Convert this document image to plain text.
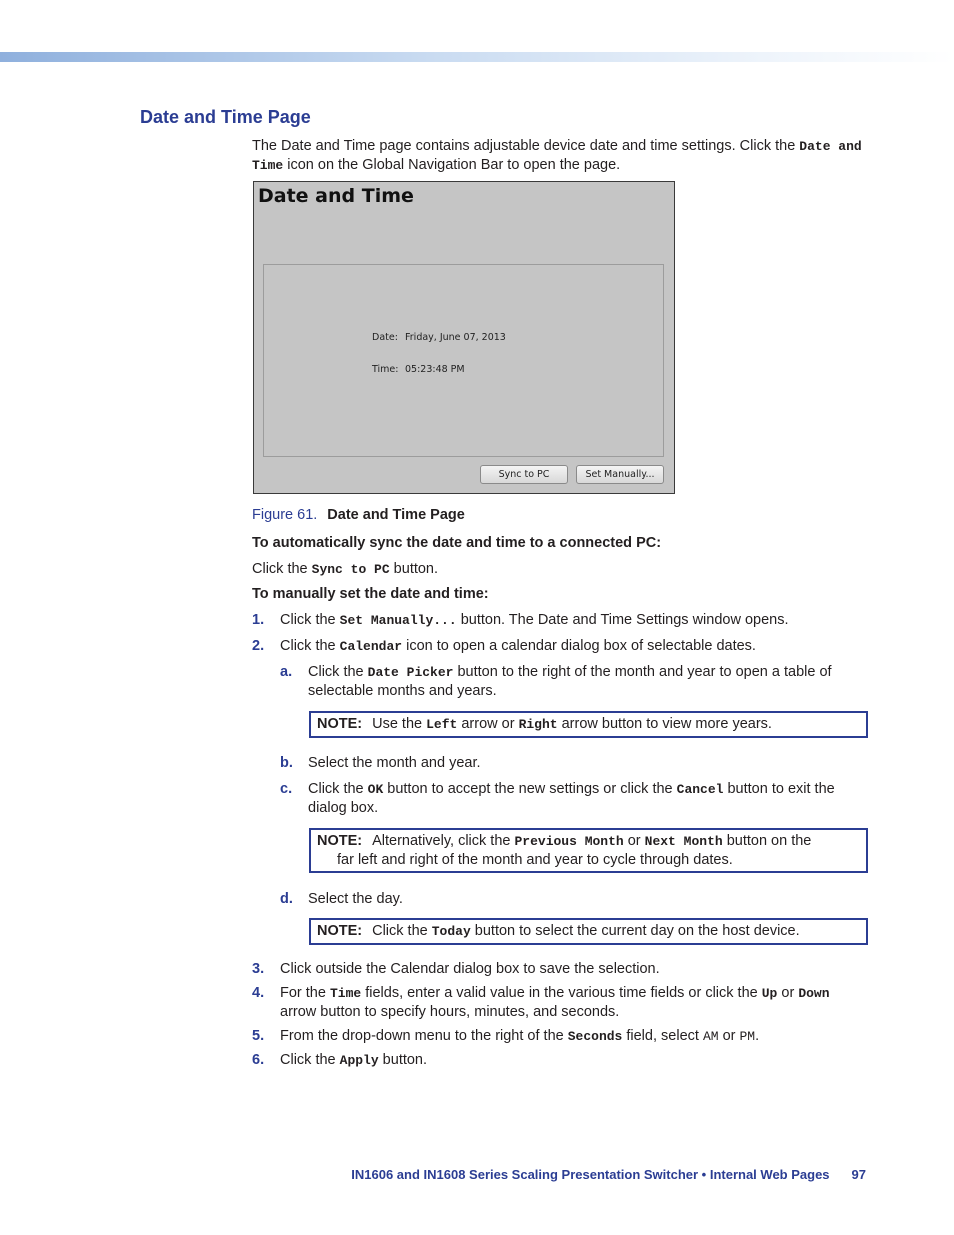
Date and Time Page
The Date and Time page contains adjustable device date and time settings. Click the Date and Time icon on the Global Navigation Bar to open the page.
Date and Time
Date: Friday, June 07, 2013
Time: 05:23:48 PM
Sync to PC	Set Manually...
Figure 61. Date and Time Page
To automatically sync the date and time to a connected PC:
Click the Sync to PC button.
To manually set the date and time:
1. Click the Set Manually... button. The Date and Time Settings window opens.
2. Click the Calendar icon to open a calendar dialog box of selectable dates.
a. Click the Date Picker button to the right of the month and year to open a table of
selectable months and years.
NOTE: Use the Left arrow or Right arrow button to view more years.
b. Select the month and year.
c. Click the OK button to accept the new settings or click the Cancel button to exit the
dialog box.
NOTE: Alternatively, click the Previous Month or Next Month button on the
far left and right of the month and year to cycle through dates.
d. Select the day.
NOTE: Click the Today button to select the current day on the host device.
3. Click outside the Calendar dialog box to save the selection.
4. For the Time fields, enter a valid value in the various time fields or click the Up or Down
arrow button to specify hours, minutes, and seconds.
5. From the drop-down menu to the right of the Seconds field, select AM or PM.
6. Click the Apply button.
IN1606 and IN1608 Series Scaling Presentation Switcher • Internal Web Pages 97
